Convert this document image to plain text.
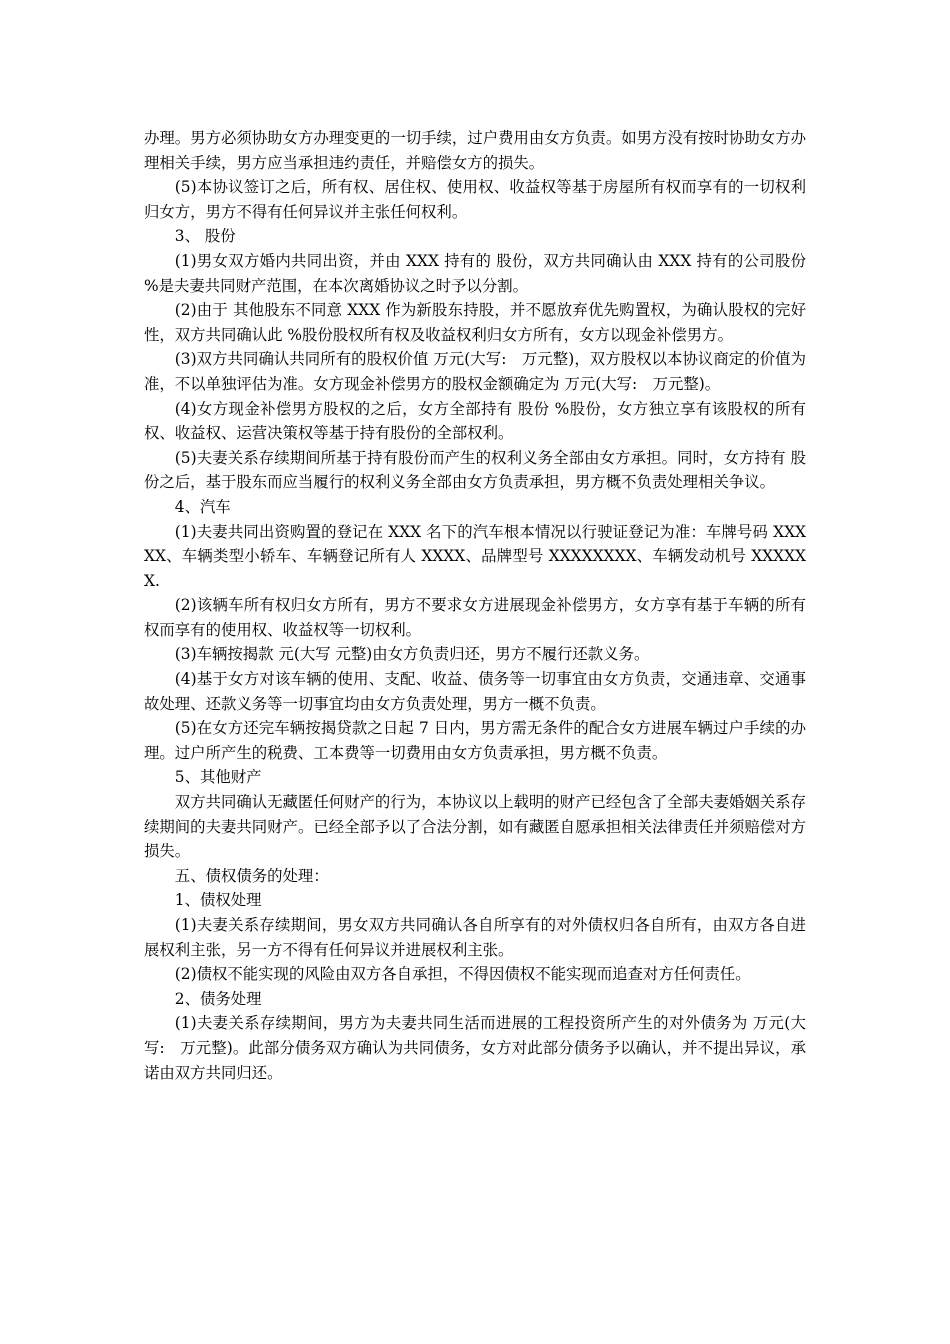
办理。男方必须协助女方办理变更的一切手续，过户费用由女方负责。如男方没有按时协助女方办理相关手续，男方应当承担违约责任，并赔偿女方的损失。

(5)本协议签订之后，所有权、居住权、使用权、收益权等基于房屋所有权而享有的一切权利归女方，男方不得有任何异议并主张任何权利。

3、 股份

(1)男女双方婚内共同出资，并由 XXX 持有的 股份，双方共同确认由 XXX 持有的公司股份 %是夫妻共同财产范围，在本次离婚协议之时予以分割。

(2)由于 其他股东不同意 XXX 作为新股东持股，并不愿放弃优先购置权，为确认股权的完好性，双方共同确认此 %股份股权所有权及收益权利归女方所有，女方以现金补偿男方。

(3)双方共同确认共同所有的股权价值 万元(大写:　万元整)，双方股权以本协议商定的价值为准，不以单独评估为准。女方现金补偿男方的股权金额确定为 万元(大写:　万元整)。

(4)女方现金补偿男方股权的之后，女方全部持有 股份 %股份，女方独立享有该股权的所有权、收益权、运营决策权等基于持有股份的全部权利。

(5)夫妻关系存续期间所基于持有股份而产生的权利义务全部由女方承担。同时，女方持有 股份之后，基于股东而应当履行的权利义务全部由女方负责承担，男方概不负责处理相关争议。

4、汽车

(1)夫妻共同出资购置的登记在 XXX 名下的汽车根本情况以行驶证登记为准：车牌号码 XXXXX、车辆类型小轿车、车辆登记所有人 XXXX、品牌型号 XXXXXXXX、车辆发动机号 XXXXXX.

(2)该辆车所有权归女方所有，男方不要求女方进展现金补偿男方，女方享有基于车辆的所有权而享有的使用权、收益权等一切权利。

(3)车辆按揭款 元(大写 元整)由女方负责归还，男方不履行还款义务。

(4)基于女方对该车辆的使用、支配、收益、债务等一切事宜由女方负责，交通违章、交通事故处理、还款义务等一切事宜均由女方负责处理，男方一概不负责。

(5)在女方还完车辆按揭贷款之日起 7 日内，男方需无条件的配合女方进展车辆过户手续的办理。过户所产生的税费、工本费等一切费用由女方负责承担，男方概不负责。

5、其他财产

双方共同确认无藏匿任何财产的行为，本协议以上载明的财产已经包含了全部夫妻婚姻关系存续期间的夫妻共同财产。已经全部予以了合法分割，如有藏匿自愿承担相关法律责任并须赔偿对方损失。

五、债权债务的处理：

1、债权处理

(1)夫妻关系存续期间，男女双方共同确认各自所享有的对外债权归各自所有，由双方各自进展权利主张，另一方不得有任何异议并进展权利主张。

(2)债权不能实现的风险由双方各自承担，不得因债权不能实现而追查对方任何责任。

2、债务处理

(1)夫妻关系存续期间，男方为夫妻共同生活而进展的工程投资所产生的对外债务为 万元(大写:　万元整)。此部分债务双方确认为共同债务，女方对此部分债务予以确认，并不提出异议，承诺由双方共同归还。
